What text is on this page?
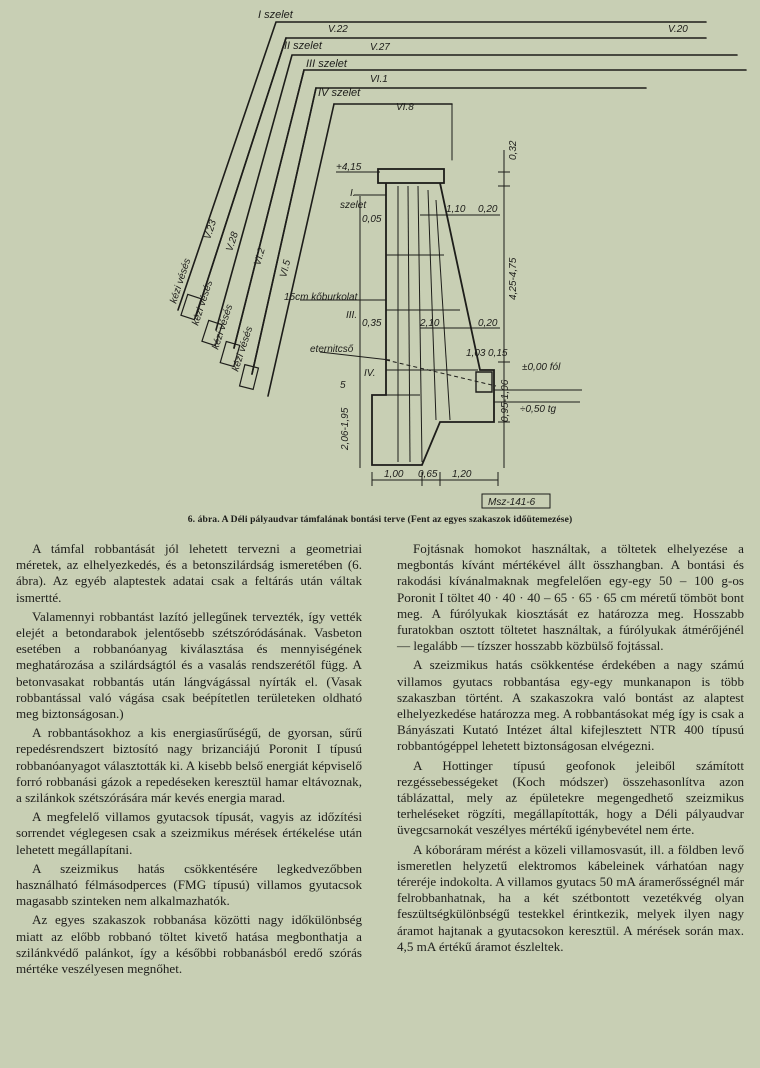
I szelet
V.22	V.20
II szelet	V.27
III szelet
VI.1
IV szelet
VI.8
V.23
V.28
VI.2
VI.5
kézi vésés
kézi vésés
kézi vésés
kézi vésés
I.
szelet
III.
IV.
15cm kőburkolat
eternitcső
+4,15
0,32
0,05
1,10 0,20
4,25-4,75
0,35	2,10	0,20
1,03 0,15
±0,00 fól
÷0,50 tg
0,95-1,06
5
2,06-1,95
1,00 0,65 1,20
Msz-141-6
6. ábra. A Déli pályaudvar támfalának bontási terve (Fent az egyes szakaszok időütemezése)

A támfal robbantását jól lehetett tervezni a geometriai méretek, az elhelyezkedés, és a betonszilárdság ismeretében (6. ábra). Az egyéb alaptestek adatai csak a feltárás után váltak ismertté.

Valamennyi robbantást lazító jellegűnek tervezték, így vették elejét a betondarabok jelentősebb szétszóródásának. Vasbeton esetében a robbanóanyag kiválasztása és mennyiségének meghatározása a szilárdságtól és a vasalás rendszerétől függ. A betonvasakat robbantás után lángvágással nyírták el. (Vasak robbantással való vágása csak beépítetlen területeken oldható meg biztonságosan.)

A robbantásokhoz a kis energiasűrűségű, de gyorsan, sűrű repedésrendszert biztosító nagy brizanciájú Poronit I típusú robbanóanyagot választották ki. A kisebb belső energiát képviselő forró robbanási gázok a repedéseken keresztül hamar eltávoznak, a szilánkok szétszórására már kevés energia marad.

A megfelelő villamos gyutacsok típusát, vagyis az időzítési sorrendet véglegesen csak a szeizmikus mérések értékelése után lehetett megállapítani.

A szeizmikus hatás csökkentésére legkedvezőbben használható félmásodperces (FMG típusú) villamos gyutacsok magasabb szinteken nem alkalmazhatók.

Az egyes szakaszok robbanása közötti nagy időkülönbség miatt az előbb robbanó töltet kivető hatása megbonthatja a szilánkvédő palánkot, így a későbbi robbanásból eredő szórás mértéke veszélyesen megnőhet.

Fojtásnak homokot használtak, a töltetek elhelyezése a megbontás kívánt mértékével állt összhangban. A bontási és rakodási kívánalmaknak megfelelően egy-egy 50 – 100 g-os Poronit I töltet 40 · 40 · 40 – 65 · 65 · 65 cm méretű tömböt bont meg. A fúrólyukak kiosztását ez határozza meg. Hosszabb furatokban osztott töltetet használtak, a fúrólyukak átmérőjénél — legalább — tízszer hosszabb közbülső fojtással.

A szeizmikus hatás csökkentése érdekében a nagy számú villamos gyutacs robbantása egy-egy munkanapon is több szakaszban történt. A szakaszokra való bontást az alaptest elhelyezkedése határozza meg. A robbantásokat még így is csak a Bányászati Kutató Intézet által kifejlesztett NTR 400 típusú robbantógéppel lehetett biztonságosan elvégezni.

A Hottinger típusú geofonok jeleiből számított rezgéssebességeket (Koch módszer) összehasonlítva azon táblázattal, mely az épületekre megengedhető szeizmikus terheléseket rögzíti, megállapították, hogy a Déli pályaudvar üvegcsarnokát veszélyes mértékű igénybevétel nem érte.

A kóboráram mérést a közeli villamosvasút, ill. a földben levő ismeretlen helyzetű elektromos kábeleinek várhatóan nagy téreréje indokolta. A villamos gyutacs 50 mA áramerősségnél már felrobbanhatnak, ha a két szétbontott vezetékvég olyan feszültségkülönbségű testekkel érintkezik, melyek ilyen nagy áramot hajtanak a gyutacsokon keresztül. A mérések során max. 4,5 mA értékű áramot észleltek.
